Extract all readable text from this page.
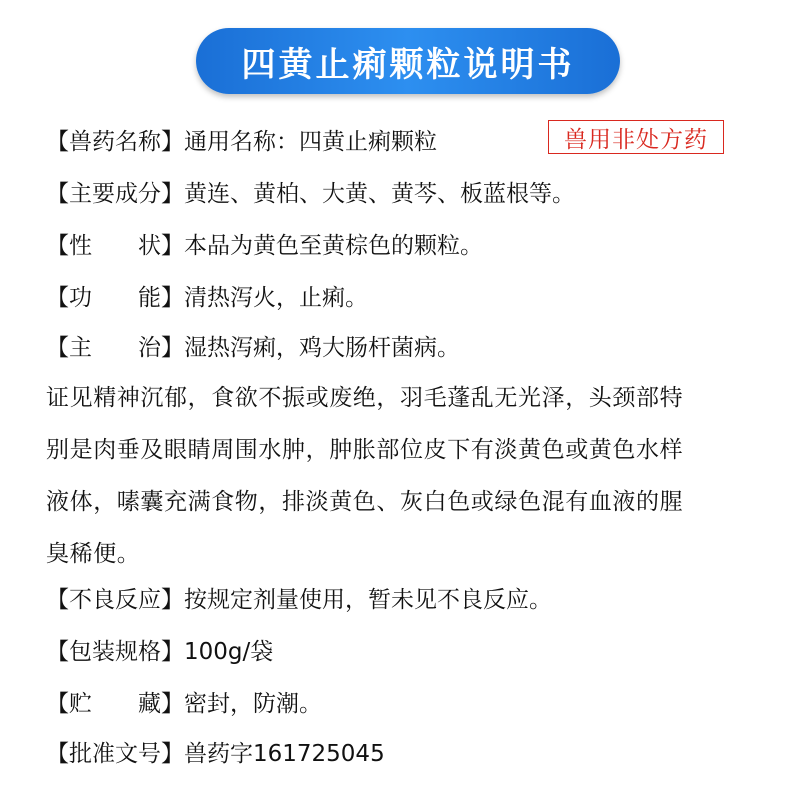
四黄止痢颗粒说明书
兽用非处方药
【 兽 药 名 称 】 通用名称：四黄止痢颗粒
【 主 要 成 分 】 黄连、黄柏、大黄、黄芩、板蓝根等。
【 性 状 】 本品为黄色至黄棕色的颗粒。
【 功 能 】 清热泻火，止痢。
【 主 治 】 湿热泻痢，鸡大肠杆菌病。
证见精神沉郁，食欲不振或废绝，羽毛蓬乱无光泽，头颈部特
别是肉垂及眼睛周围水肿，肿胀部位皮下有淡黄色或黄色水样
液体，嗉囊充满食物，排淡黄色、灰白色或绿色混有血液的腥
臭稀便。
【 不 良 反 应 】 按规定剂量使用，暂未见不良反应。
【 包 装 规 格 】 100g/袋
【 贮 藏 】 密封，防潮。
【 批 准 文 号 】 兽药字161725045
